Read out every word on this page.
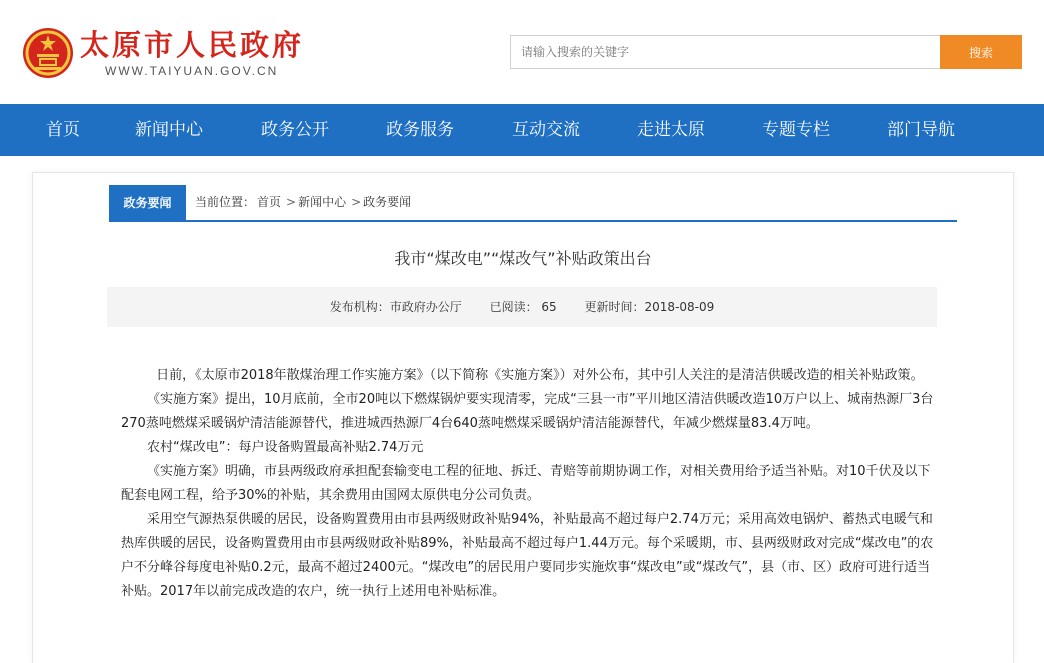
太原市人民政府
WWW.TAIYUAN.GOV.CN
请输入搜索的关键字
搜索
首页	新闻中心	政务公开	政务服务	互动交流	走进太原	专题专栏	部门导航
政务要闻	当前位置： 首页 > 新闻中心 > 政务要闻
我市“煤改电”“煤改气”补贴政策出台
发布机构：市政府办公厅 已阅读： 65 更新时间：2018-08-09

日前，《太原市2018年散煤治理工作实施方案》（以下简称《实施方案》）对外公布，其中引人关注的是清洁供暖改造的相关补贴政策。

《实施方案》提出，10月底前，全市20吨以下燃煤锅炉要实现清零，完成“三县一市”平川地区清洁供暖改造10万户以上、城南热源厂3台270蒸吨燃煤采暖锅炉清洁能源替代，推进城西热源厂4台640蒸吨燃煤采暖锅炉清洁能源替代，年减少燃煤量83.4万吨。

农村“煤改电”：每户设备购置最高补贴2.74万元

《实施方案》明确，市县两级政府承担配套输变电工程的征地、拆迁、青赔等前期协调工作，对相关费用给予适当补贴。对10千伏及以下配套电网工程，给予30%的补贴，其余费用由国网太原供电分公司负责。

采用空气源热泵供暖的居民，设备购置费用由市县两级财政补贴94%，补贴最高不超过每户2.74万元；采用高效电锅炉、蓄热式电暖气和热库供暖的居民，设备购置费用由市县两级财政补贴89%，补贴最高不超过每户1.44万元。每个采暖期，市、县两级财政对完成“煤改电”的农户不分峰谷每度电补贴0.2元，最高不超过2400元。“煤改电”的居民用户要同步实施炊事“煤改电”或“煤改气”，县（市、区）政府可进行适当补贴。2017年以前完成改造的农户，统一执行上述用电补贴标准。
